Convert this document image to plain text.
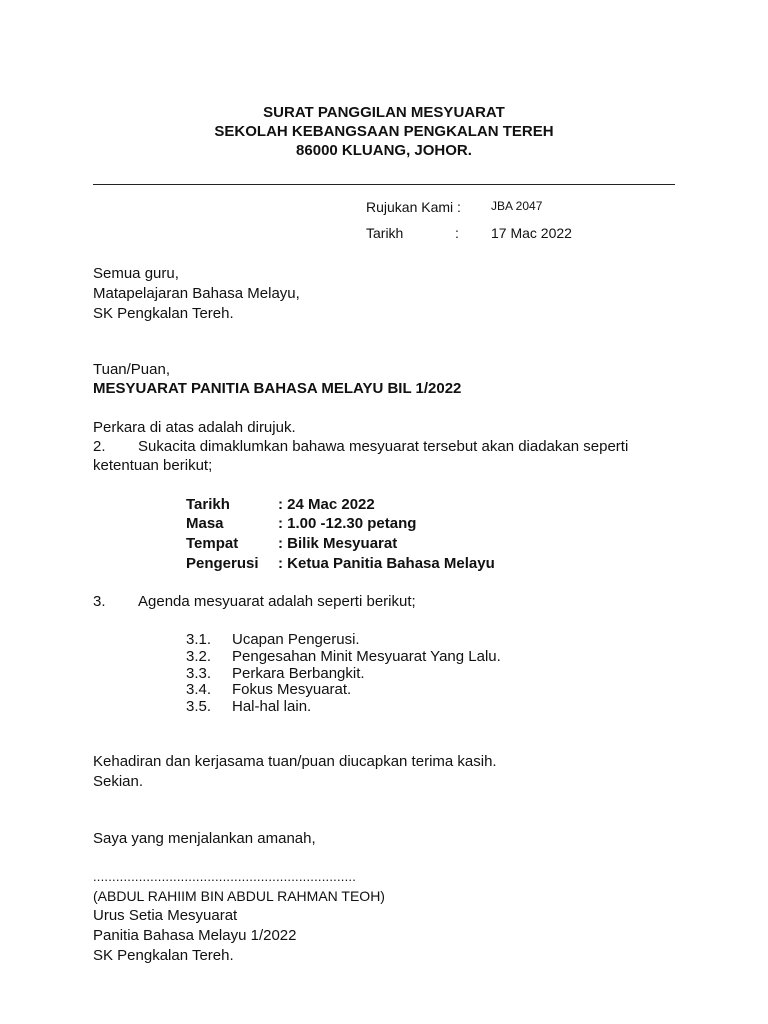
SURAT PANGGILAN MESYUARAT
SEKOLAH KEBANGSAAN PENGKALAN TEREH
86000 KLUANG, JOHOR.
Rujukan Kami :	JBA 2047
Tarikh	: 17 Mac 2022
Semua guru,
Matapelajaran Bahasa Melayu,
SK Pengkalan Tereh.
Tuan/Puan,
MESYUARAT PANITIA BAHASA MELAYU BIL 1/2022
Perkara di atas adalah dirujuk.
2. Sukacita dimaklumkan bahawa mesyuarat tersebut akan diadakan seperti
ketentuan berikut;
Tarikh	: 24 Mac 2022
Masa	: 1.00 -12.30 petang
Tempat	: Bilik Mesyuarat
Pengerusi : Ketua Panitia Bahasa Melayu
3. Agenda mesyuarat adalah seperti berikut;
3.1. Ucapan Pengerusi.
3.2. Pengesahan Minit Mesyuarat Yang Lalu.
3.3. Perkara Berbangkit.
3.4. Fokus Mesyuarat.
3.5. Hal-hal lain.
Kehadiran dan kerjasama tuan/puan diucapkan terima kasih.
Sekian.
Saya yang menjalankan amanah,
.....................................................................
(ABDUL RAHIIM BIN ABDUL RAHMAN TEOH)
Urus Setia Mesyuarat
Panitia Bahasa Melayu 1/2022
SK Pengkalan Tereh.
